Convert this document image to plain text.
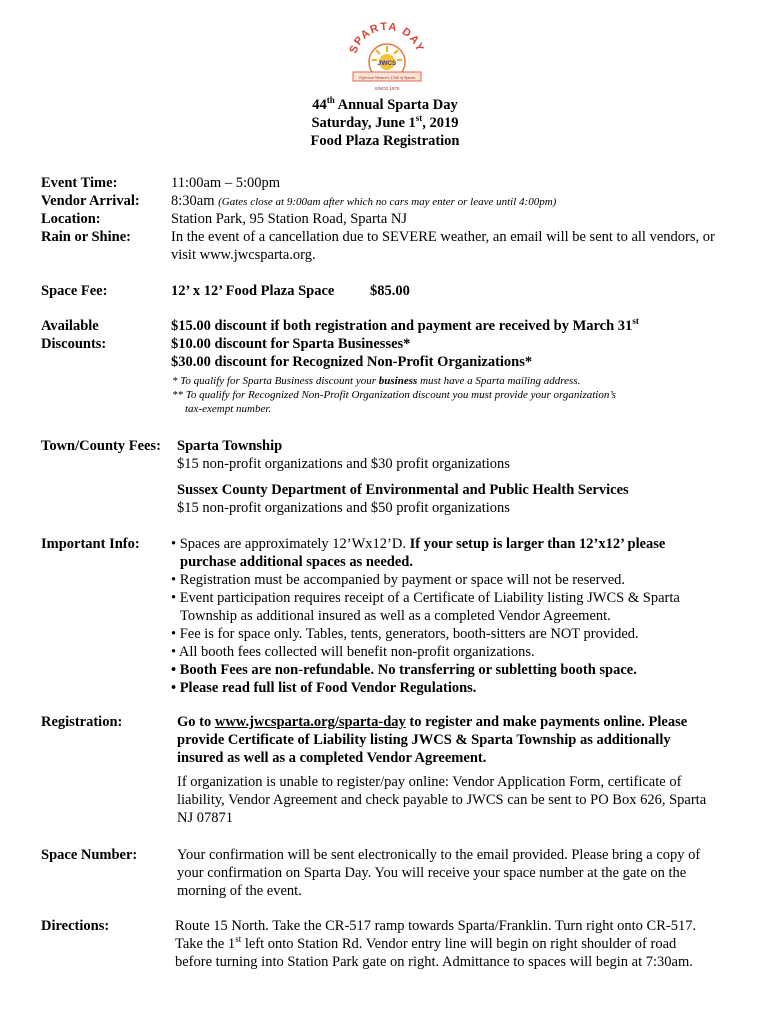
SPARTA DAY
JWCS
Jefferson Women's Club of Sparta
SINCE 1976
44th Annual Sparta Day
Saturday, June 1st, 2019
Food Plaza Registration
Event Time:	11:00am – 5:00pm
Vendor Arrival: 8:30am (Gates close at 9:00am after which no cars may enter or leave until 4:00pm)
Location:	Station Park, 95 Station Road, Sparta NJ
Rain or Shine:	In the event of a cancellation due to SEVERE weather, an email will be sent to all vendors, or
visit www.jwcsparta.org.
Space Fee:	12’ x 12’ Food Plaza Space $85.00
Available
Discounts:
$15.00 discount if both registration and payment are received by March 31st
$10.00 discount for Sparta Businesses*
$30.00 discount for Recognized Non-Profit Organizations*
* To qualify for Sparta Business discount your business must have a Sparta mailing address.
** To qualify for Recognized Non-Profit Organization discount you must provide your organization’s
tax-exempt number.
Town/County Fees: Sparta Township
$15 non-profit organizations and $30 profit organizations
Sussex County Department of Environmental and Public Health Services
$15 non-profit organizations and $50 profit organizations
Important Info: • Spaces are approximately 12’Wx12’D. If your setup is larger than 12’x12’ please
purchase additional spaces as needed.
• Registration must be accompanied by payment or space will not be reserved.
• Event participation requires receipt of a Certificate of Liability listing JWCS & Sparta
Township as additional insured as well as a completed Vendor Agreement.
• Fee is for space only. Tables, tents, generators, booth-sitters are NOT provided.
• All booth fees collected will benefit non-profit organizations.
• Booth Fees are non-refundable. No transferring or subletting booth space.
• Please read full list of Food Vendor Regulations.
Registration:	Go to www.jwcsparta.org/sparta-day to register and make payments online. Please
provide Certificate of Liability listing JWCS & Sparta Township as additionally
insured as well as a completed Vendor Agreement.
If organization is unable to register/pay online: Vendor Application Form, certificate of
liability, Vendor Agreement and check payable to JWCS can be sent to PO Box 626, Sparta
NJ 07871
Space Number:	Your confirmation will be sent electronically to the email provided. Please bring a copy of
your confirmation on Sparta Day. You will receive your space number at the gate on the
morning of the event.
Directions:	Route 15 North. Take the CR-517 ramp towards Sparta/Franklin. Turn right onto CR-517.
Take the 1st left onto Station Rd. Vendor entry line will begin on right shoulder of road
before turning into Station Park gate on right. Admittance to spaces will begin at 7:30am.
